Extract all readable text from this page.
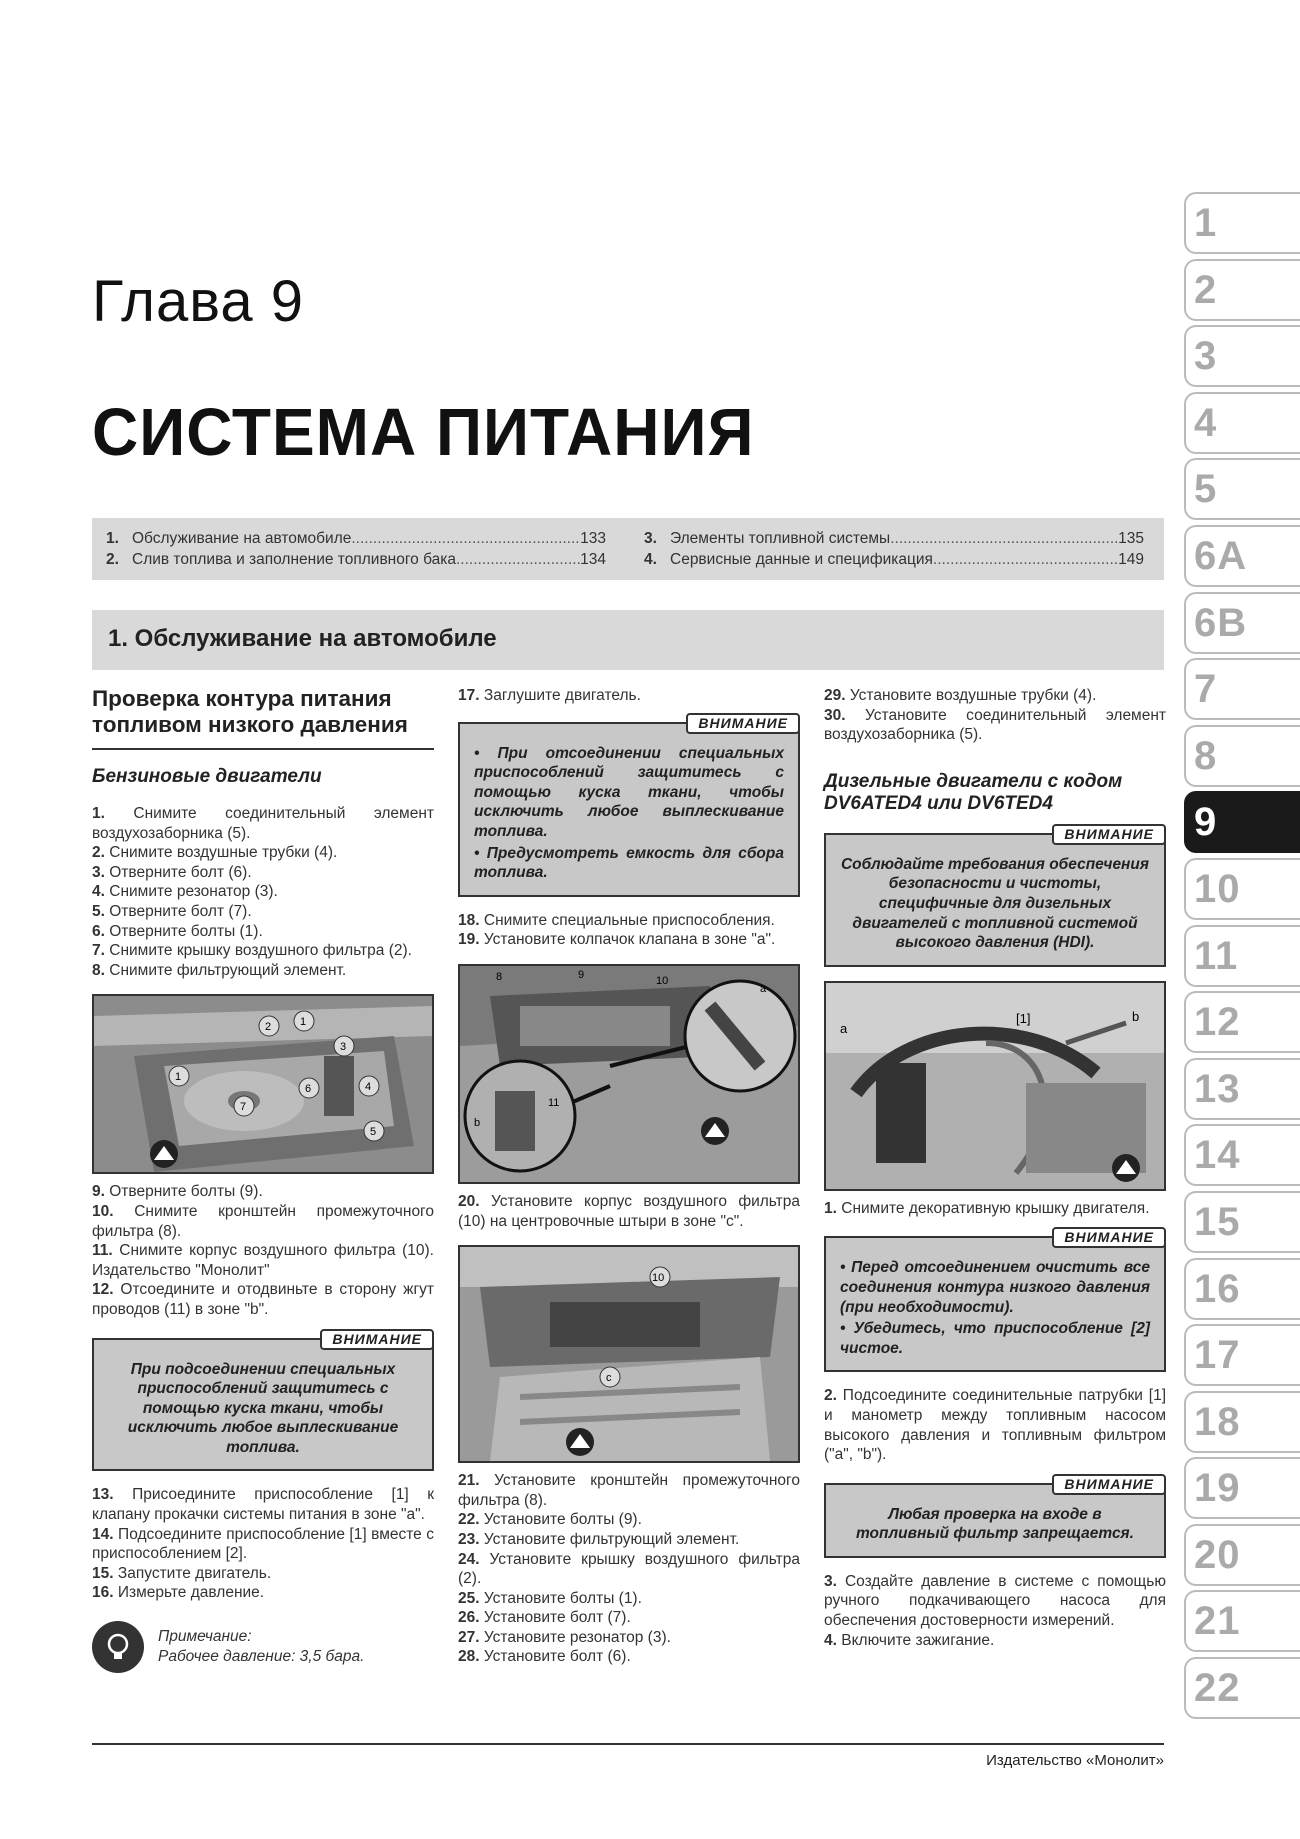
Глава 9
СИСТЕМА ПИТАНИЯ
1. Обслуживание на автомобиле .....	133
2. Слив топлива и заполнение топливного бака .....	134
3. Элементы топливной системы .....	135
4. Сервисные данные и спецификация .....	149
1. Обслуживание на автомобиле
Проверка контура питания топливом низкого давления
Бензиновые двигатели
1. Снимите соединительный элемент воздухозаборника (5).
2. Снимите воздушные трубки (4).
3. Отверните болт (6).
4. Снимите резонатор (3).
5. Отверните болт (7).
6. Отверните болты (1).
7. Снимите крышку воздушного фильтра (2).
8. Снимите фильтрующий элемент.
2	1
3
1
4
7
6
5
9. Отверните болты (9).
10. Снимите кронштейн промежуточного фильтра (8).
11. Снимите корпус воздушного фильтра (10). Издательство "Монолит"
12. Отсоедините и отодвиньте в сторону жгут проводов (11) в зоне "b".
ВНИМАНИЕ

При подсоединении специальных приспособлений защититесь с помощью куска ткани, чтобы исключить любое выплескивание топлива.

13. Присоедините приспособление [1] к клапану прокачки системы питания в зоне "a".
14. Подсоедините приспособление [1] вместе с приспособлением [2].
15. Запустите двигатель.
16. Измерьте давление.
Примечание:
Рабочее давление: 3,5 бара.
17. Заглушите двигатель.
ВНИМАНИЕ

• При отсоединении специальных приспособлений защититесь с помощью куска ткани, чтобы исключить любое выплескивание топлива.

• Предусмотреть емкость для сбора топлива.

18. Снимите специальные приспособления.
19. Установите колпачок клапана в зоне "a".
8	9	10
a
11
b
20. Установите корпус воздушного фильтра (10) на центровочные штыри в зоне "c".
10
c
21. Установите кронштейн промежуточного фильтра (8).
22. Установите болты (9).
23. Установите фильтрующий элемент.
24. Установите крышку воздушного фильтра (2).
25. Установите болты (1).
26. Установите болт (7).
27. Установите резонатор (3).
28. Установите болт (6).
29. Установите воздушные трубки (4).
30. Установите соединительный элемент воздухозаборника (5).
Дизельные двигатели с кодом DV6ATED4 или DV6TED4
ВНИМАНИЕ

Соблюдайте требования обеспечения безопасности и чистоты, специфичные для дизельных двигателей с топливной системой высокого давления (HDI).

[1]
a
b
1. Снимите декоративную крышку двигателя.
ВНИМАНИЕ

• Перед отсоединением очистить все соединения контура низкого давления (при необходимости).

• Убедитесь, что приспособление [2] чистое.

2. Подсоедините соединительные патрубки [1] и манометр между топливным насосом высокого давления и топливным фильтром ("a", "b").
ВНИМАНИЕ

Любая проверка на входе в топливный фильтр запрещается.

3. Создайте давление в системе с помощью ручного подкачивающего насоса для обеспечения достоверности измерений.
4. Включите зажигание.
Издательство «Монолит»
1
2
3
4
5
6A
6B
7
8
9
10
11
12
13
14
15
16
17
18
19
20
21
22
